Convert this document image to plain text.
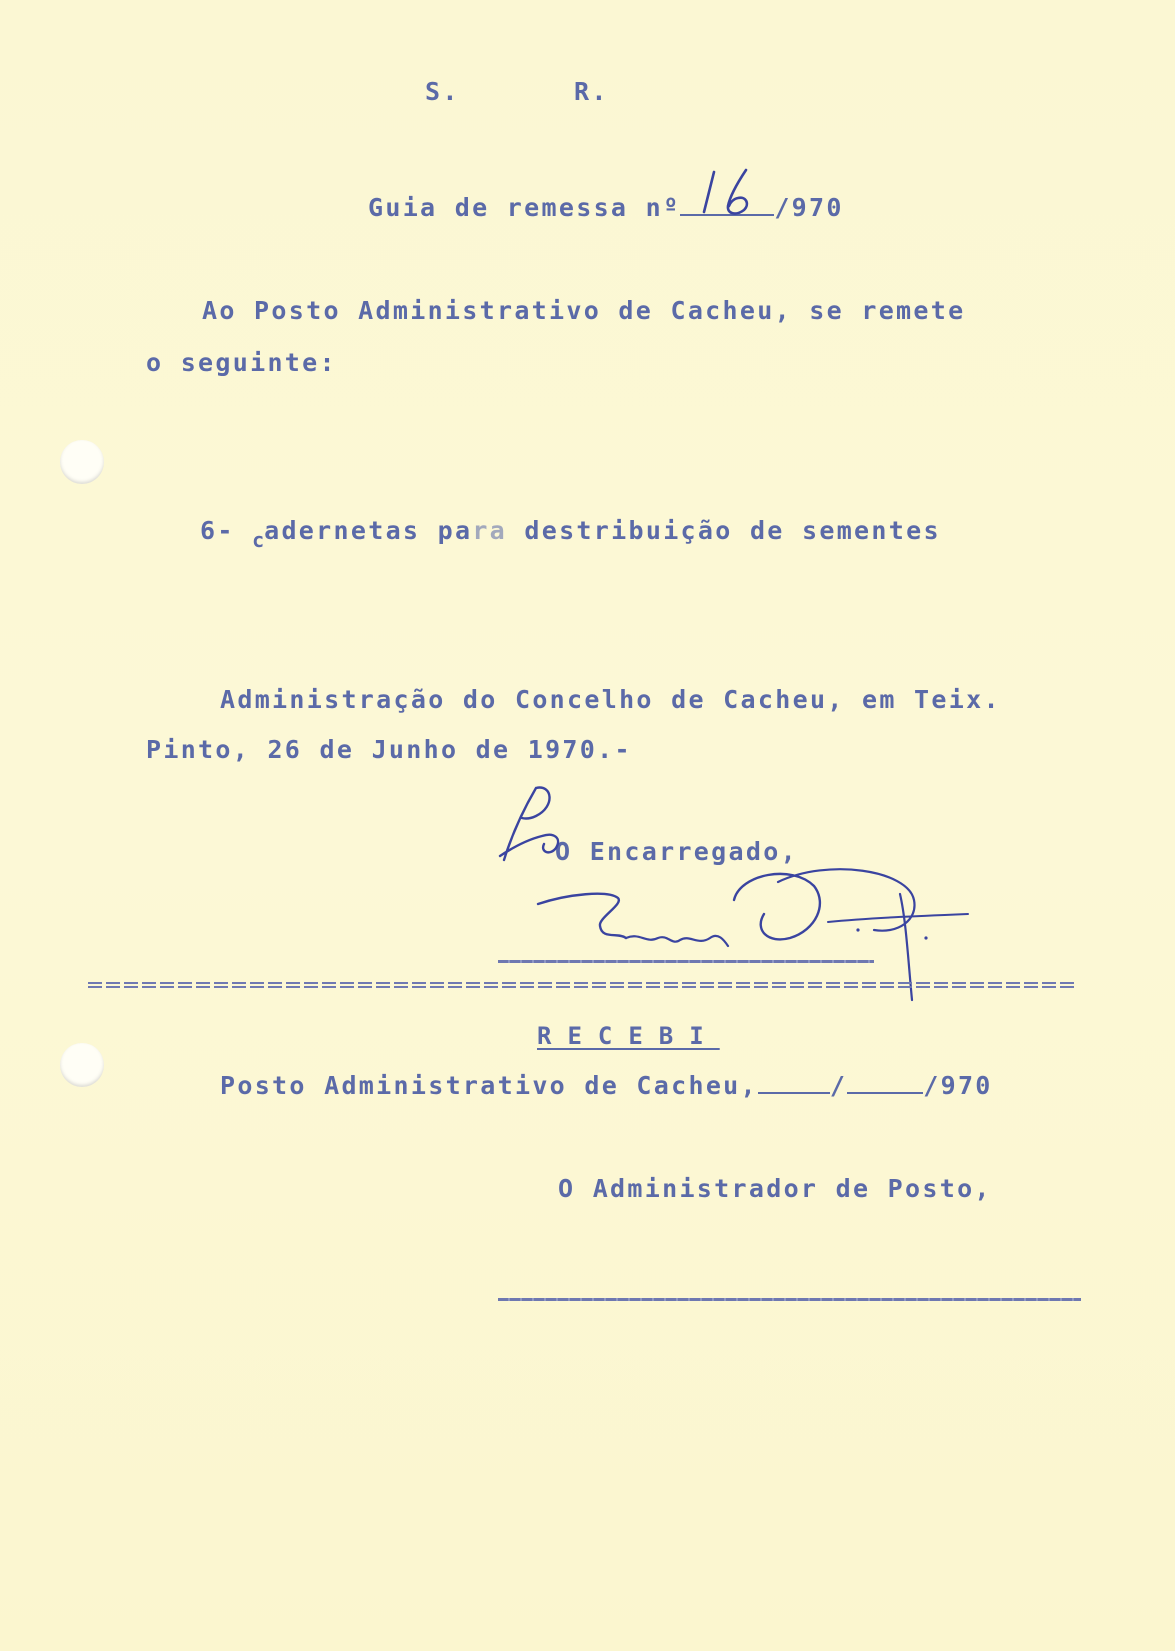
S.	R.
Guia de remessa nº	/970
Ao Posto Administrativo de Cacheu, se remete
o seguinte:
6- $_c$adernetas para destribuição de sementes
Administração do Concelho de Cacheu, em Teix.
Pinto, 26 de Junho de 1970.-
O Encarregado,
RECEBI
Posto Administrativo de Cacheu,	/	/970
O Administrador de Posto,
